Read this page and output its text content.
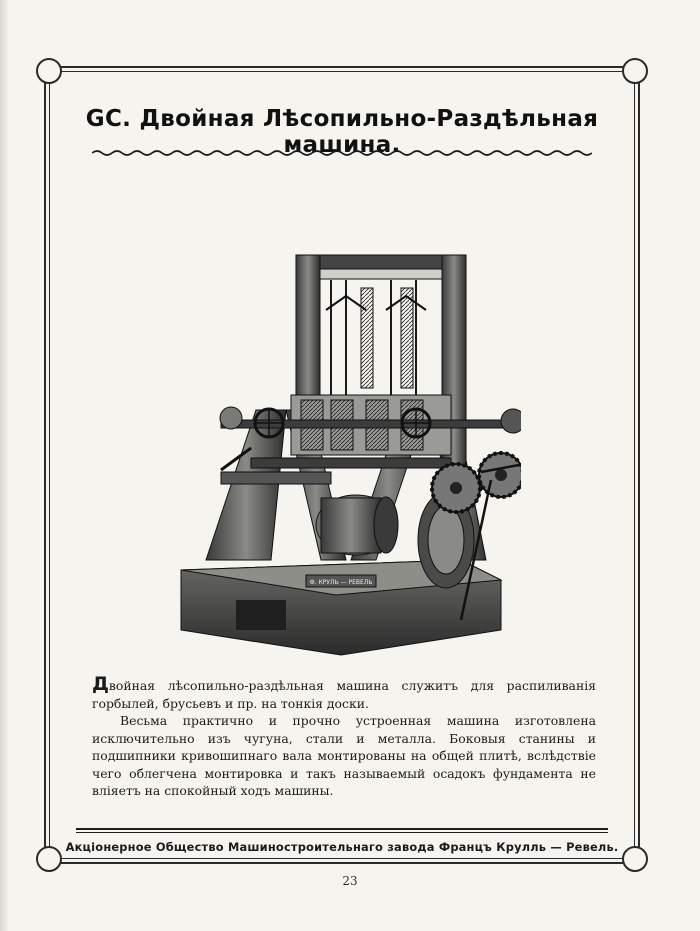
GC. Двойная Лѣсопильно-Раздѣльная машина.
Ф. КРУЛЬ — РЕВЕЛЬ

Двойная лѣсопильно-раздѣльная машина служитъ для распиливанія горбылей, брусьевъ и пр. на тонкія доски.

Весьма практично и прочно устроенная машина изготовлена исключительно изъ чугуна, стали и металла. Боковыя станины и подшипники кривошипнаго вала монтированы на общей плитѣ, вслѣдствіе чего облегчена монтировка и такъ называемый осадокъ фундамента не вліяетъ на спокойный ходъ машины.

Акціонерное Общество Машиностроительнаго завода Францъ Крулль — Ревель.
23
